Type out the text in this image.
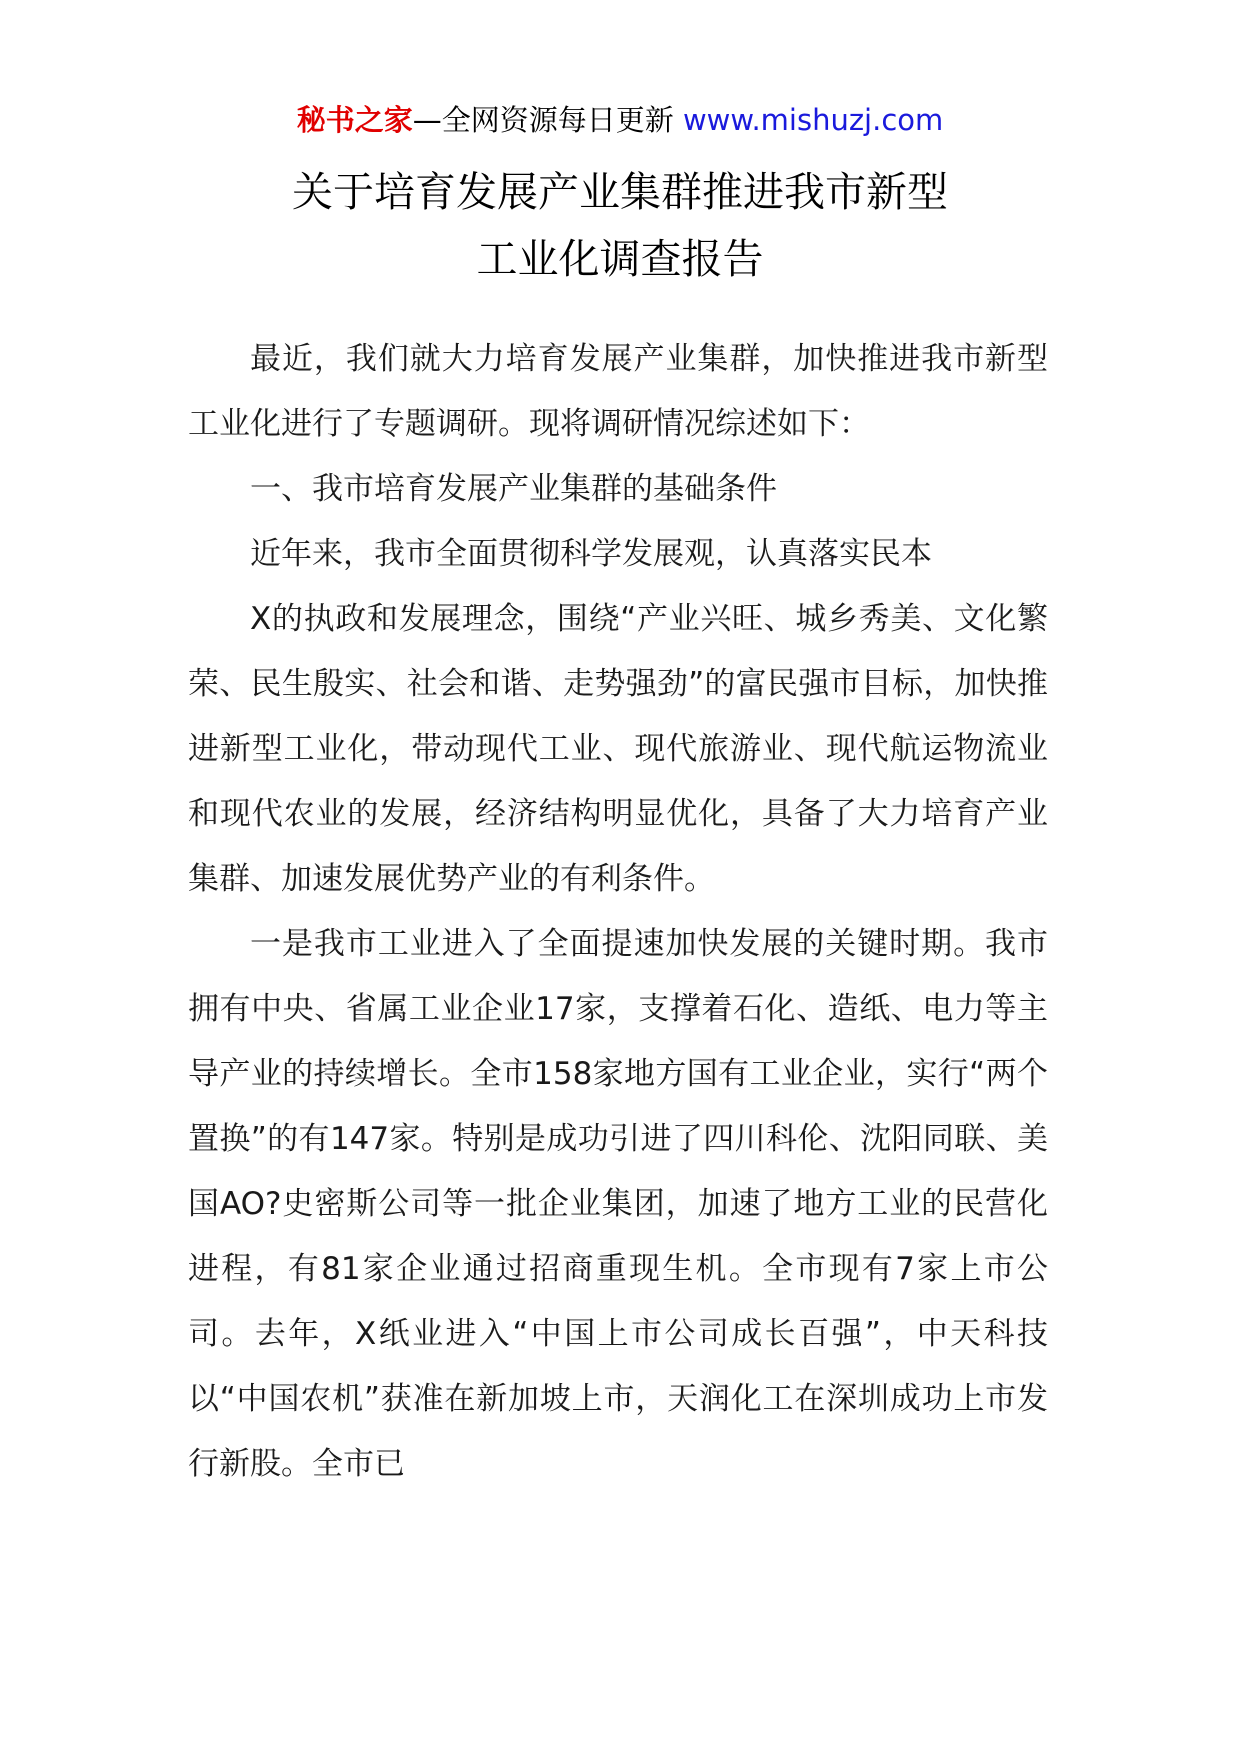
秘书之家—全网资源每日更新 www.mishuzj.com
关于培育发展产业集群推进我市新型
工业化调查报告

最近，我们就大力培育发展产业集群，加快推进我市新型工业化进行了专题调研。现将调研情况综述如下：

一、我市培育发展产业集群的基础条件

近年来，我市全面贯彻科学发展观，认真落实民本

X的执政和发展理念，围绕“产业兴旺、城乡秀美、文化繁荣、民生殷实、社会和谐、走势强劲”的富民强市目标，加快推进新型工业化，带动现代工业、现代旅游业、现代航运物流业和现代农业的发展，经济结构明显优化，具备了大力培育产业集群、加速发展优势产业的有利条件。

一是我市工业进入了全面提速加快发展的关键时期。我市拥有中央、省属工业企业17家，支撑着石化、造纸、电力等主导产业的持续增长。全市158家地方国有工业企业，实行“两个置换”的有147家。特别是成功引进了四川科伦、沈阳同联、美国AO?史密斯公司等一批企业集团，加速了地方工业的民营化进程，有81家企业通过招商重现生机。全市现有7家上市公司。去年，X纸业进入“中国上市公司成长百强”，中天科技以“中国农机”获准在新加坡上市，天润化工在深圳成功上市发行新股。全市已
